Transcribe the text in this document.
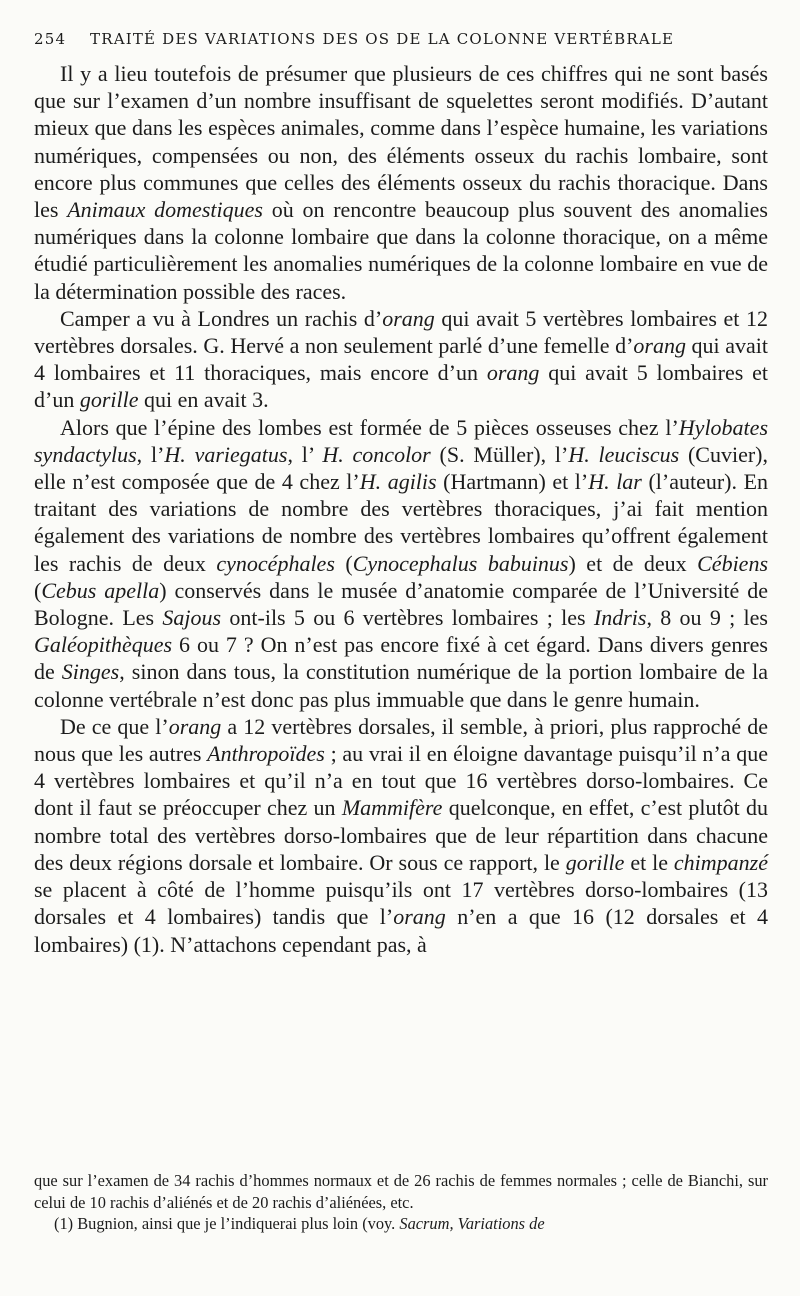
254 TRAITÉ DES VARIATIONS DES OS DE LA COLONNE VERTÉBRALE

Il y a lieu toutefois de présumer que plusieurs de ces chiffres qui ne sont basés que sur l’examen d’un nombre insuffisant de squelettes seront modifiés. D’autant mieux que dans les espèces animales, comme dans l’espèce humaine, les variations numériques, compensées ou non, des éléments osseux du rachis lombaire, sont encore plus communes que celles des éléments osseux du rachis thoracique. Dans les Animaux domestiques où on rencontre beaucoup plus souvent des anomalies numériques dans la colonne lombaire que dans la colonne thoracique, on a même étudié particulièrement les anomalies numériques de la colonne lombaire en vue de la détermination possible des races.

Camper a vu à Londres un rachis d’orang qui avait 5 vertèbres lombaires et 12 vertèbres dorsales. G. Hervé a non seulement parlé d’une femelle d’orang qui avait 4 lombaires et 11 thoraciques, mais encore d’un orang qui avait 5 lombaires et d’un gorille qui en avait 3.

Alors que l’épine des lombes est formée de 5 pièces osseuses chez l’Hylobates syndactylus, l’H. variegatus, l’ H. concolor (S. Müller), l’H. leuciscus (Cuvier), elle n’est composée que de 4 chez l’H. agilis (Hartmann) et l’H. lar (l’auteur). En traitant des variations de nombre des vertèbres thoraciques, j’ai fait mention également des variations de nombre des vertèbres lombaires qu’offrent également les rachis de deux cynocéphales (Cynocephalus babuinus) et de deux Cébiens (Cebus apella) conservés dans le musée d’anatomie comparée de l’Université de Bologne. Les Sajous ont-ils 5 ou 6 vertèbres lombaires ; les Indris, 8 ou 9 ; les Galéopithèques 6 ou 7 ? On n’est pas encore fixé à cet égard. Dans divers genres de Singes, sinon dans tous, la constitution numérique de la portion lombaire de la colonne vertébrale n’est donc pas plus immuable que dans le genre humain.

De ce que l’orang a 12 vertèbres dorsales, il semble, à priori, plus rapproché de nous que les autres Anthropoïdes ; au vrai il en éloigne davantage puisqu’il n’a que 4 vertèbres lombaires et qu’il n’a en tout que 16 vertèbres dorso-lombaires. Ce dont il faut se préoccuper chez un Mammifère quelconque, en effet, c’est plutôt du nombre total des vertèbres dorso-lombaires que de leur répartition dans chacune des deux régions dorsale et lombaire. Or sous ce rapport, le gorille et le chimpanzé se placent à côté de l’homme puisqu’ils ont 17 vertèbres dorso-lombaires (13 dorsales et 4 lombaires) tandis que l’orang n’en a que 16 (12 dorsales et 4 lombaires) (1). N’attachons cependant pas, à

que sur l’examen de 34 rachis d’hommes normaux et de 26 rachis de femmes normales ; celle de Bianchi, sur celui de 10 rachis d’aliénés et de 20 rachis d’aliénées, etc.

(1) Bugnion, ainsi que je l’indiquerai plus loin (voy. Sacrum, Variations de
